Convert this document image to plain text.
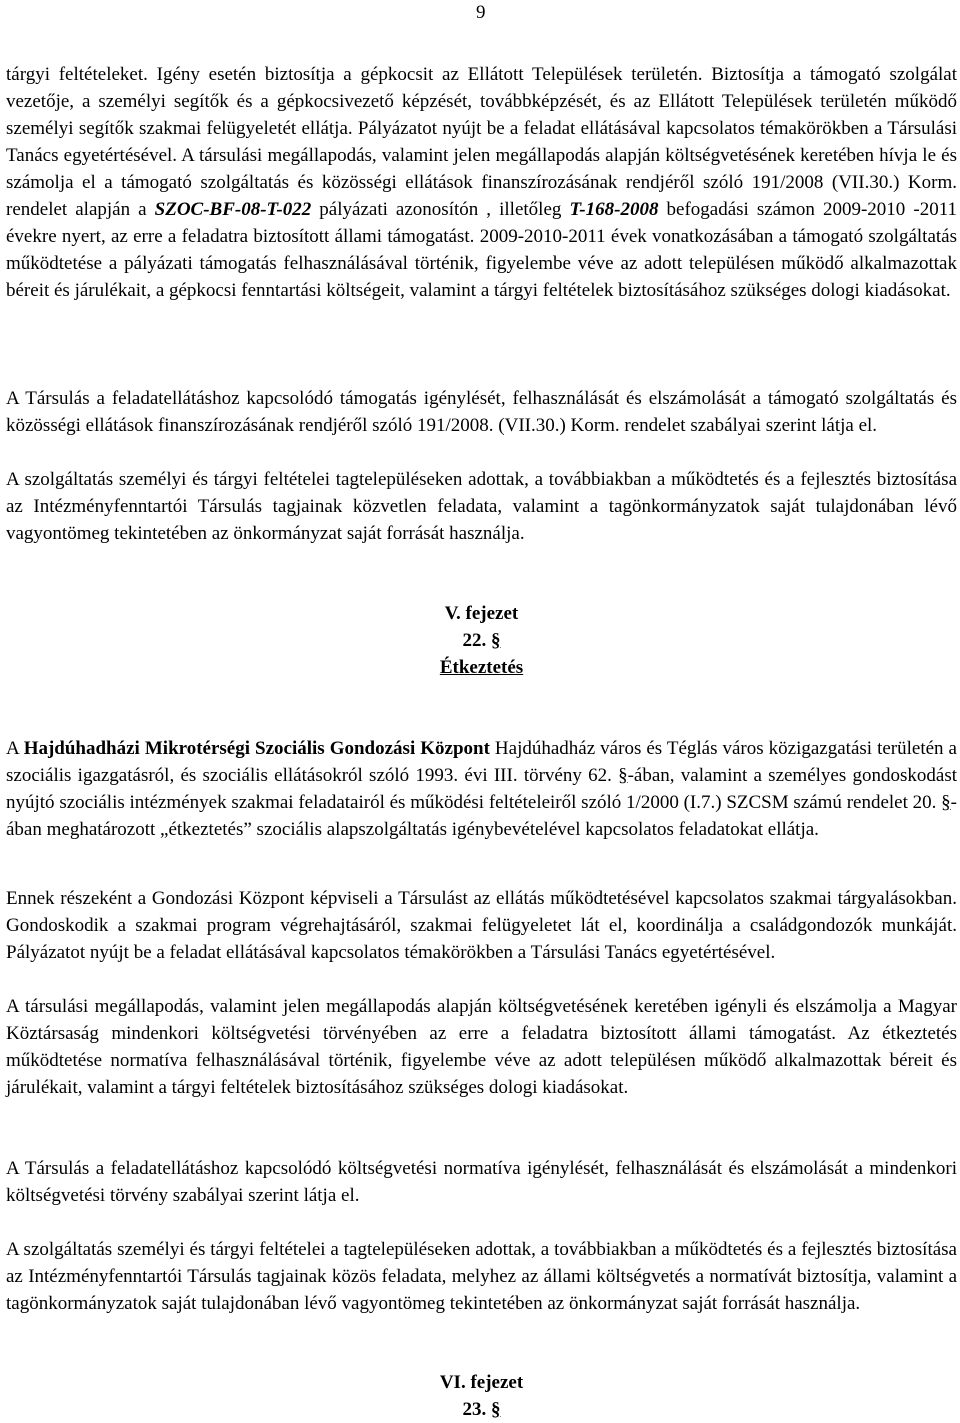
9
tárgyi feltételeket. Igény esetén biztosítja a gépkocsit az Ellátott Települések területén. Biztosítja a támogató szolgálat vezetője, a személyi segítők és a gépkocsivezető képzését, továbbképzését, és az Ellátott Települések területén működő személyi segítők szakmai felügyeletét ellátja. Pályázatot nyújt be a feladat ellátásával kapcsolatos témakörökben a Társulási Tanács egyetértésével. A társulási megállapodás, valamint jelen megállapodás alapján költségvetésének keretében hívja le és számolja el a támogató szolgáltatás és közösségi ellátások finanszírozásának rendjéről szóló 191/2008 (VII.30.) Korm. rendelet alapján a SZOC-BF-08-T-022 pályázati azonosítón , illetőleg T-168-2008 befogadási számon 2009-2010 -2011 évekre nyert, az erre a feladatra biztosított állami támogatást. 2009-2010-2011 évek vonatkozásában a támogató szolgáltatás működtetése a pályázati támogatás felhasználásával történik, figyelembe véve az adott településen működő alkalmazottak béreit és járulékait, a gépkocsi fenntartási költségeit, valamint a tárgyi feltételek biztosításához szükséges dologi kiadásokat.
A Társulás a feladatellátáshoz kapcsolódó támogatás igénylését, felhasználását és elszámolását a támogató szolgáltatás és közösségi ellátások finanszírozásának rendjéről szóló 191/2008. (VII.30.) Korm. rendelet szabályai szerint látja el.
A szolgáltatás személyi és tárgyi feltételei tagtelepüléseken adottak, a továbbiakban a működtetés és a fejlesztés biztosítása az Intézményfenntartói Társulás tagjainak közvetlen feladata, valamint a tagönkormányzatok saját tulajdonában lévő vagyontömeg tekintetében az önkormányzat saját forrását használja.
V. fejezet
22. §
Étkeztetés
A Hajdúhadházi Mikrotérségi Szociális Gondozási Központ Hajdúhadház város és Téglás város közigazgatási területén a szociális igazgatásról, és szociális ellátásokról szóló 1993. évi III. törvény 62. §-ában, valamint a személyes gondoskodást nyújtó szociális intézmények szakmai feladatairól és működési feltételeiről szóló 1/2000 (I.7.) SZCSM számú rendelet 20. §-ában meghatározott „étkeztetés” szociális alapszolgáltatás igénybevételével kapcsolatos feladatokat ellátja.
Ennek részeként a Gondozási Központ képviseli a Társulást az ellátás működtetésével kapcsolatos szakmai tárgyalásokban. Gondoskodik a szakmai program végrehajtásáról, szakmai felügyeletet lát el, koordinálja a családgondozók munkáját. Pályázatot nyújt be a feladat ellátásával kapcsolatos témakörökben a Társulási Tanács egyetértésével.
A társulási megállapodás, valamint jelen megállapodás alapján költségvetésének keretében igényli és elszámolja a Magyar Köztársaság mindenkori költségvetési törvényében az erre a feladatra biztosított állami támogatást. Az étkeztetés működtetése normatíva felhasználásával történik, figyelembe véve az adott településen működő alkalmazottak béreit és járulékait, valamint a tárgyi feltételek biztosításához szükséges dologi kiadásokat.
A Társulás a feladatellátáshoz kapcsolódó költségvetési normatíva igénylését, felhasználását és elszámolását a mindenkori költségvetési törvény szabályai szerint látja el.
A szolgáltatás személyi és tárgyi feltételei a tagtelepüléseken adottak, a továbbiakban a működtetés és a fejlesztés biztosítása az Intézményfenntartói Társulás tagjainak közös feladata, melyhez az állami költségvetés a normatívát biztosítja, valamint a tagönkormányzatok saját tulajdonában lévő vagyontömeg tekintetében az önkormányzat saját forrását használja.
VI. fejezet
23. §
